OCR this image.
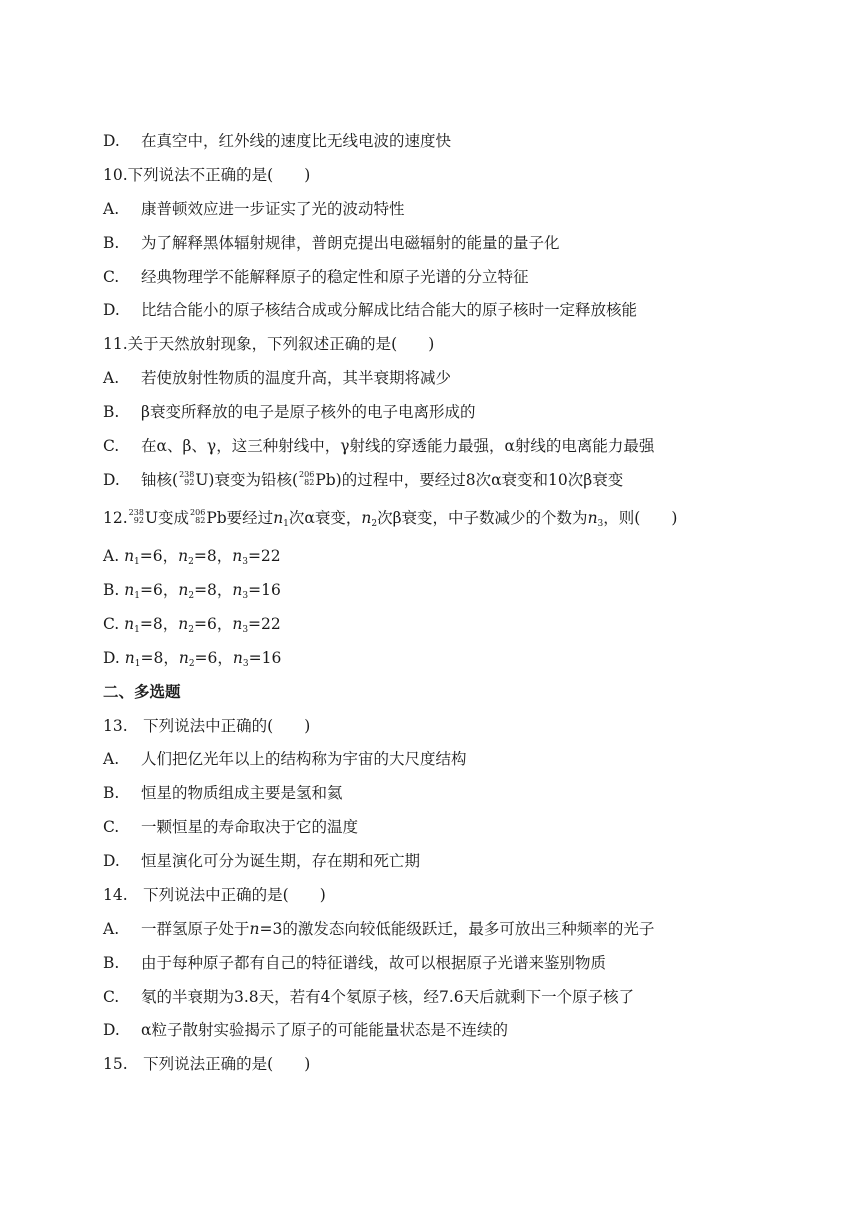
D. 在真空中，红外线的速度比无线电波的速度快
10.下列说法不正确的是(　　)
A. 康普顿效应进一步证实了光的波动特性
B. 为了解释黑体辐射规律，普朗克提出电磁辐射的能量的量子化
C. 经典物理学不能解释原子的稳定性和原子光谱的分立特征
D. 比结合能小的原子核结合成或分解成比结合能大的原子核时一定释放核能
11.关于天然放射现象，下列叙述正确的是(　　)
A. 若使放射性物质的温度升高，其半衰期将减少
B. β衰变所释放的电子是原子核外的电子电离形成的
C. 在α、β、γ，这三种射线中，γ射线的穿透能力最强，α射线的电离能力最强
D. 铀核( 238
92 U)衰变为铅核( 206
82 Pb)的过程中，要经过8次α衰变和10次β衰变
12. 238
92 U变成 206
82 Pb要经过$n_1$次α衰变，$n_2$次β衰变，中子数减少的个数为$n_3$，则(　　)
A. $n_1=6$，$n_2=8$，$n_3=22$
B. $n_1=6$，$n_2=8$，$n_3=16$
C. $n_1=8$，$n_2=6$，$n_3=22$
D. $n_1=8$，$n_2=6$，$n_3=16$
二、多选题
13.　下列说法中正确的(　　)
A. 人们把亿光年以上的结构称为宇宙的大尺度结构
B. 恒星的物质组成主要是氢和氦
C. 一颗恒星的寿命取决于它的温度
D. 恒星演化可分为诞生期，存在期和死亡期
14.　下列说法中正确的是(　　)
A. 一群氢原子处于n=3的激发态向较低能级跃迁，最多可放出三种频率的光子
B. 由于每种原子都有自己的特征谱线，故可以根据原子光谱来鉴别物质
C. 氡的半衰期为3.8天，若有4个氡原子核，经7.6天后就剩下一个原子核了
D. α粒子散射实验揭示了原子的可能能量状态是不连续的
15.　下列说法正确的是(　　)
